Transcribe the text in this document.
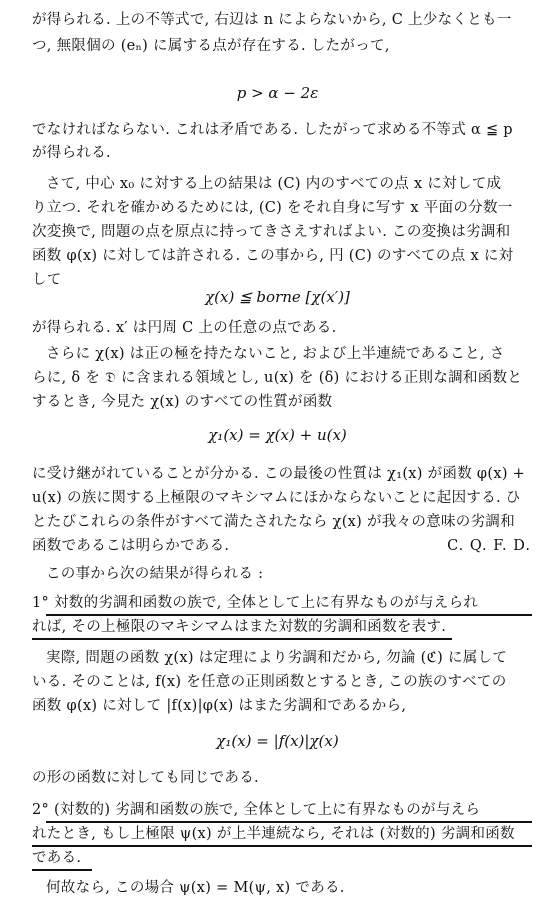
が得られる. 上の不等式で, 右辺は n によらないから, C 上少なくとも一
つ, 無限個の (eₙ) に属する点が存在する. したがって,
p > α − 2ε
でなければならない. これは矛盾である. したがって求める不等式 α ≦ p
が得られる.
さて, 中心 x₀ に対する上の結果は (C) 内のすべての点 x に対して成
り立つ. それを確かめるためには, (C) をそれ自身に写す x 平面の分数一
次変換で, 問題の点を原点に持ってきさえすればよい. この変換は劣調和
函数 φ(x) に対しては許される. この事から, 円 (C) のすべての点 x に対
して
χ(x) ≦ borne [χ(x′)]
が得られる. x′ は円周 C 上の任意の点である.
さらに χ(x) は正の極を持たないこと, および上半連続であること, さ
らに, δ を 𝔇 に含まれる領域とし, u(x) を (δ) における正則な調和函数と
するとき, 今見た χ(x) のすべての性質が函数
χ₁(x) = χ(x) + u(x)
に受け継がれていることが分かる. この最後の性質は χ₁(x) が函数 φ(x) +
u(x) の族に関する上極限のマキシマムにほかならないことに起因する. ひ
とたびこれらの条件がすべて満たされたなら χ(x) が我々の意味の劣調和
函数であるこは明らかである.	C. Q. F. D.
この事から次の結果が得られる :
1° 対数的劣調和函数の族で, 全体として上に有界なものが与えられ
れば, その上極限のマキシマムはまた対数的劣調和函数を表す.
実際, 問題の函数 χ(x) は定理により劣調和だから, 勿論 (ℭ) に属して
いる. そのことは, f(x) を任意の正則函数とするとき, この族のすべての
函数 φ(x) に対して |f(x)|φ(x) はまた劣調和であるから,
χ₁(x) = |f(x)|χ(x)
の形の函数に対しても同じである.
2° (対数的) 劣調和函数の族で, 全体として上に有界なものが与えら
れたとき, もし上極限 ψ(x) が上半連続なら, それは (対数的) 劣調和函数
である.
何故なら, この場合 ψ(x) = M(ψ, x) である.
